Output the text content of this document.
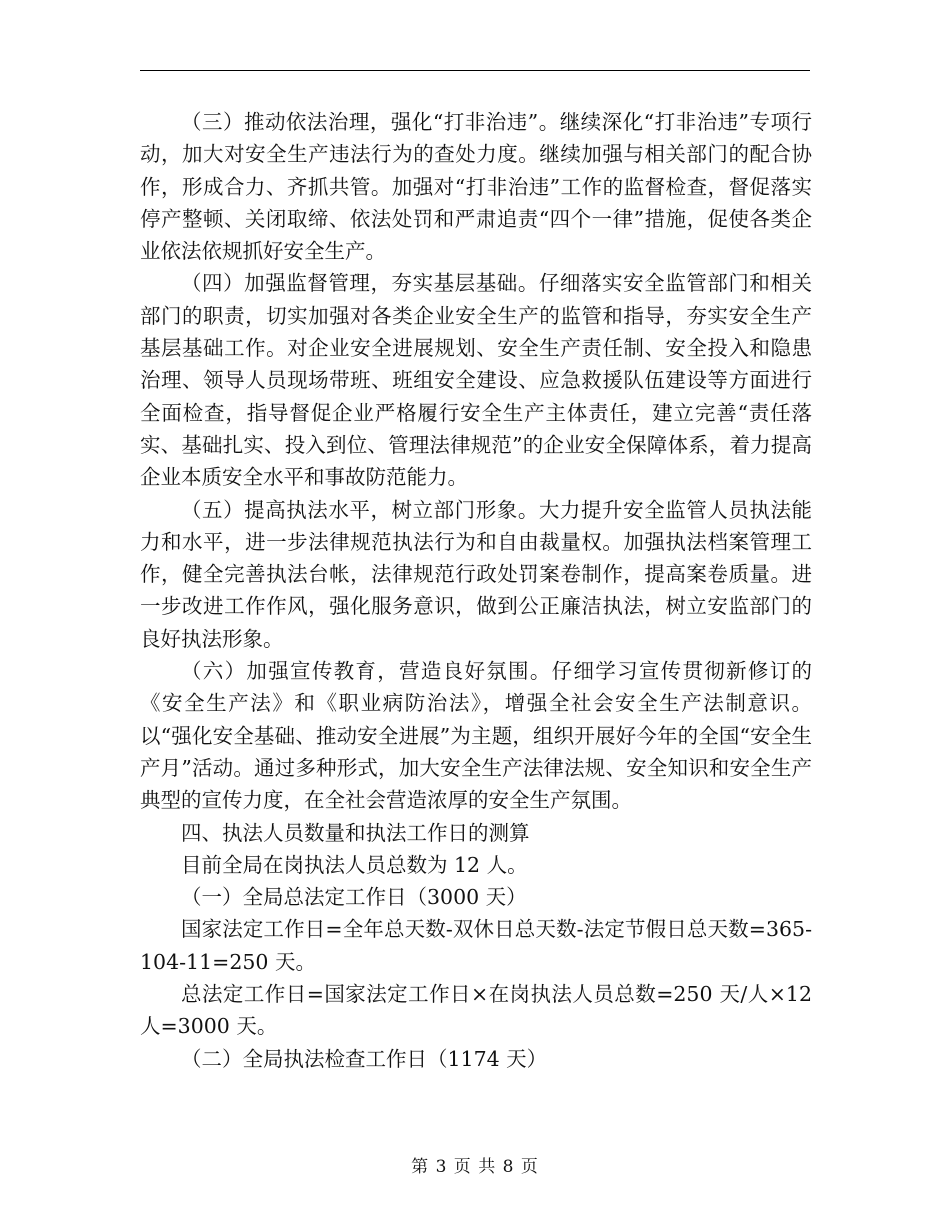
（三）推动依法治理，强化“打非治违”。继续深化“打非治违”专项行动，加大对安全生产违法行为的查处力度。继续加强与相关部门的配合协作，形成合力、齐抓共管。加强对“打非治违”工作的监督检查，督促落实停产整顿、关闭取缔、依法处罚和严肃追责“四个一律”措施，促使各类企业依法依规抓好安全生产。

（四）加强监督管理，夯实基层基础。仔细落实安全监管部门和相关部门的职责，切实加强对各类企业安全生产的监管和指导，夯实安全生产基层基础工作。对企业安全进展规划、安全生产责任制、安全投入和隐患治理、领导人员现场带班、班组安全建设、应急救援队伍建设等方面进行全面检查，指导督促企业严格履行安全生产主体责任，建立完善“责任落实、基础扎实、投入到位、管理法律规范”的企业安全保障体系，着力提高企业本质安全水平和事故防范能力。

（五）提高执法水平，树立部门形象。大力提升安全监管人员执法能力和水平，进一步法律规范执法行为和自由裁量权。加强执法档案管理工作，健全完善执法台帐，法律规范行政处罚案卷制作，提高案卷质量。进一步改进工作作风，强化服务意识，做到公正廉洁执法，树立安监部门的良好执法形象。

（六）加强宣传教育，营造良好氛围。仔细学习宣传贯彻新修订的《安全生产法》和《职业病防治法》，增强全社会安全生产法制意识。以“强化安全基础、推动安全进展”为主题，组织开展好今年的全国“安全生产月”活动。通过多种形式，加大安全生产法律法规、安全知识和安全生产典型的宣传力度，在全社会营造浓厚的安全生产氛围。

四、执法人员数量和执法工作日的测算

目前全局在岗执法人员总数为 12 人。

（一）全局总法定工作日（3000 天）

国家法定工作日=全年总天数-双休日总天数-法定节假日总天数=365-104-11=250 天。

总法定工作日=国家法定工作日×在岗执法人员总数=250 天/人×12 人=3000 天。

（二）全局执法检查工作日（1174 天）

第 3 页 共 8 页
